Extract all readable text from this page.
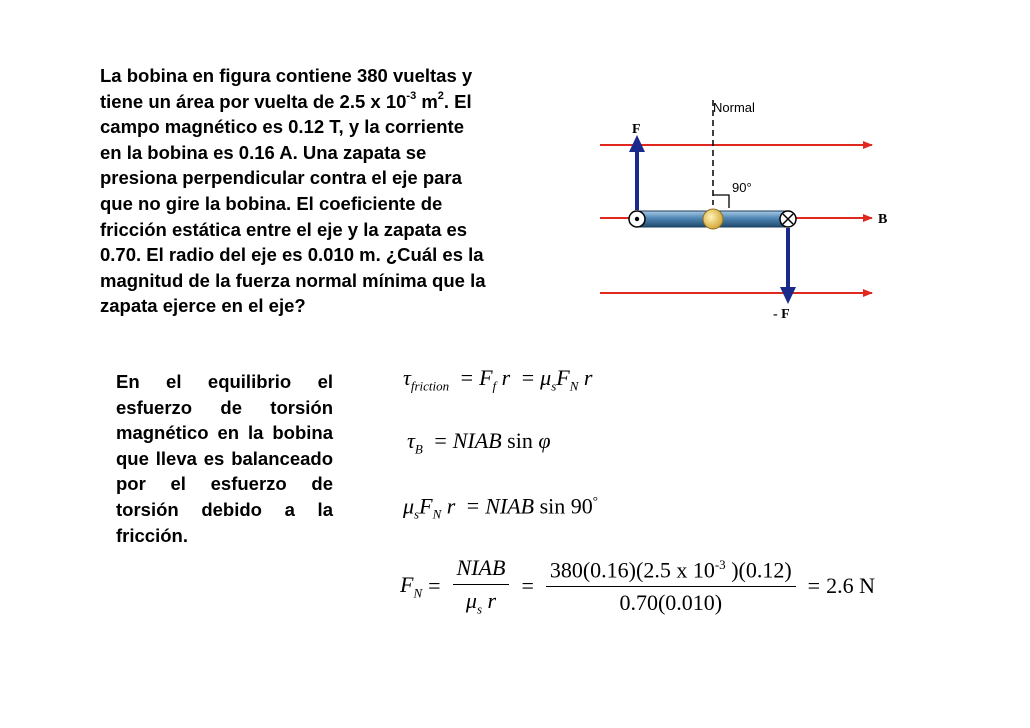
La bobina en figura contiene 380 vueltas y
tiene un área por vuelta de 2.5 x $10^{-3}$ $m^2$. El
campo magnético es 0.12 T, y la corriente
en la bobina es 0.16 A. Una zapata se
presiona perpendicular contra el eje para
que no gire la bobina. El coeficiente de
fricción estática entre el eje y la zapata es
0.70. El radio del eje es 0.010 m. ¿Cuál es la
magnitud de la fuerza normal mínima que la
zapata ejerce en el eje?
Normal
90°
F
- F
B
En el equilibrio el esfuerzo de torsión magnético en la bobina que lleva es balanceado por el esfuerzo de torsión debido a la fricción.
$\tau_{friction} = F_f$ $r = \mu_sF_N$ r
$\tau_B$ = NIAB sin φ
$\mu_sF_N$ r = NIAB sin 90°
$F_N = \frac{\text{NIAB}}{\mu_s r} = \frac{380(0.16)(2.5 x 10^{-3} )(0.12)}{0.70(0.010)} = 2.6$ N
